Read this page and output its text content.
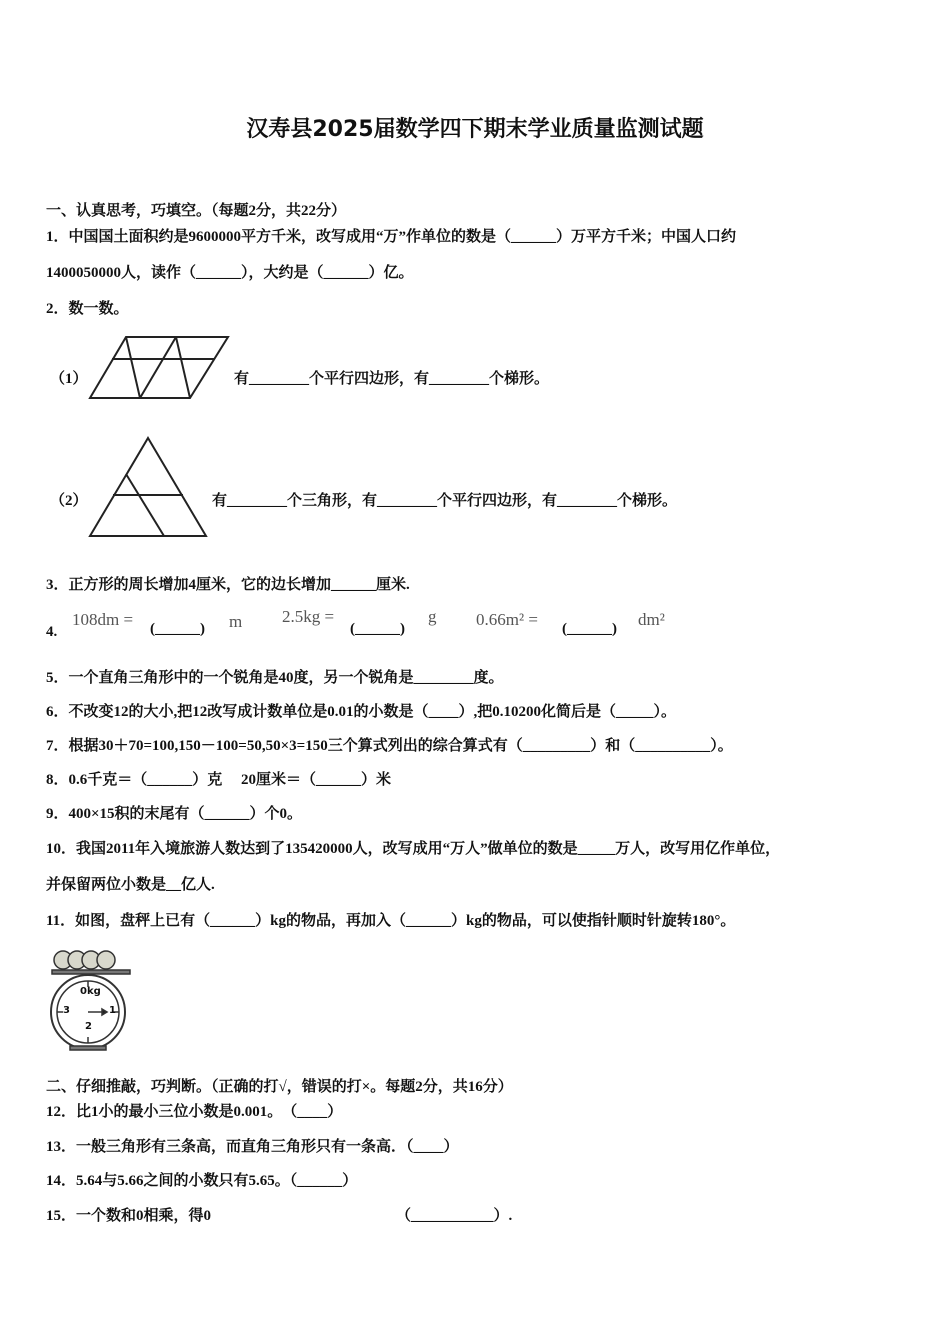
汉寿县2025届数学四下期末学业质量监测试题
一、认真思考，巧填空。（每题2分，共22分）
1．中国国土面积约是9600000平方千米，改写成用“万”作单位的数是（______）万平方千米；中国人口约
1400050000人，读作（______），大约是（______）亿。
2．数一数。
（1）	有________个平行四边形，有________个梯形。
（2）	有________个三角形，有________个平行四边形，有________个梯形。
3．正方形的周长增加4厘米，它的边长增加______厘米.
4.
108dm = (______) m 2.5kg =
(______)
g 0.66m² = (______) dm²
5．一个直角三角形中的一个锐角是40度，另一个锐角是________度。
6．不改变12的大小,把12改写成计数单位是0.01的小数是（____）,把0.10200化简后是（_____）。
7．根据30＋70=100,150－100=50,50×3=150三个算式列出的综合算式有（_________）和（__________）。
8．0.6千克＝（______）克　 20厘米＝（______）米
9．400×15积的末尾有（______）个0。
10．我国2011年入境旅游人数达到了135420000人，改写成用“万人”做单位的数是_____万人，改写用亿作单位，
并保留两位小数是__亿人.
11．如图，盘秤上已有（______）kg的物品，再加入（______）kg的物品，可以使指针顺时针旋转180°。
0kg
1
2
3
二、仔细推敲，巧判断。（正确的打√，错误的打×。每题2分，共16分）
12．比1小的最小三位小数是0.001。　（____）
13．一般三角形有三条高，而直角三角形只有一条高．（____）
14．5.64与5.66之间的小数只有5.65。（______）
15．一个数和0相乘，得0	（___________）.
